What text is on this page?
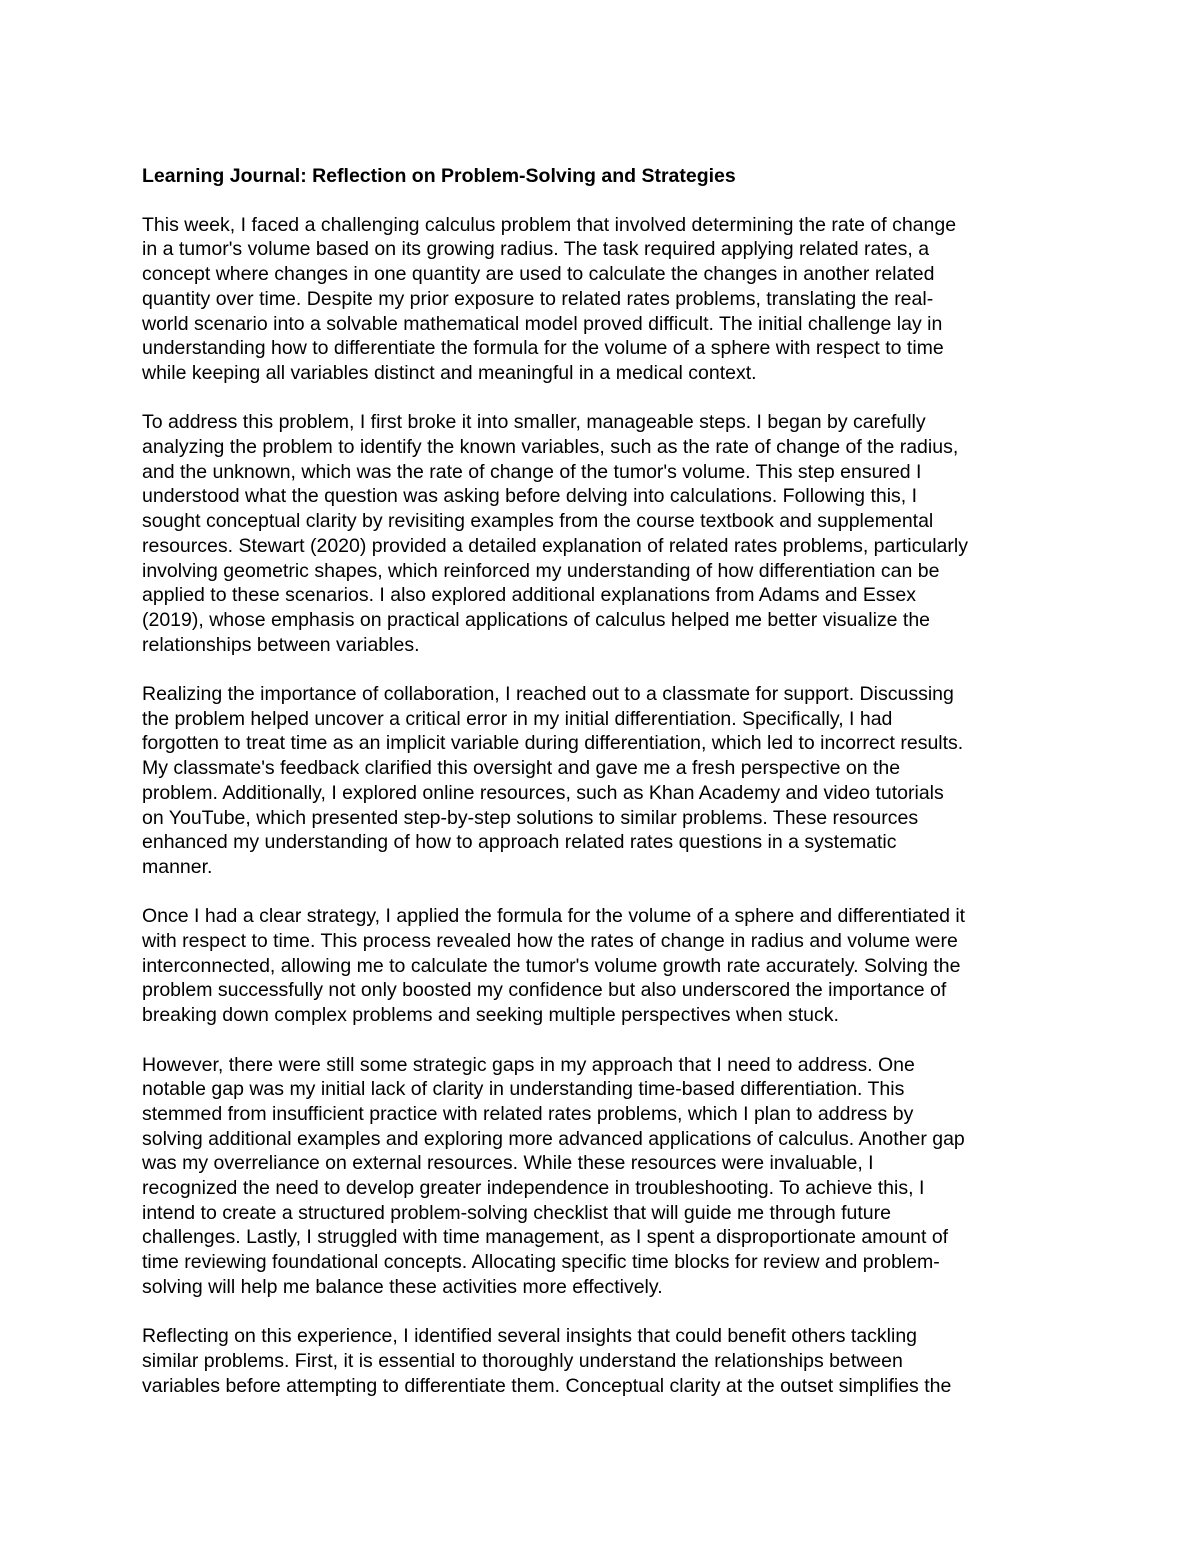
Learning Journal: Reflection on Problem-Solving and Strategies
This week, I faced a challenging calculus problem that involved determining the rate of change
in a tumor's volume based on its growing radius. The task required applying related rates, a
concept where changes in one quantity are used to calculate the changes in another related
quantity over time. Despite my prior exposure to related rates problems, translating the real-
world scenario into a solvable mathematical model proved difficult. The initial challenge lay in
understanding how to differentiate the formula for the volume of a sphere with respect to time
while keeping all variables distinct and meaningful in a medical context.
To address this problem, I first broke it into smaller, manageable steps. I began by carefully
analyzing the problem to identify the known variables, such as the rate of change of the radius,
and the unknown, which was the rate of change of the tumor's volume. This step ensured I
understood what the question was asking before delving into calculations. Following this, I
sought conceptual clarity by revisiting examples from the course textbook and supplemental
resources. Stewart (2020) provided a detailed explanation of related rates problems, particularly
involving geometric shapes, which reinforced my understanding of how differentiation can be
applied to these scenarios. I also explored additional explanations from Adams and Essex
(2019), whose emphasis on practical applications of calculus helped me better visualize the
relationships between variables.
Realizing the importance of collaboration, I reached out to a classmate for support. Discussing
the problem helped uncover a critical error in my initial differentiation. Specifically, I had
forgotten to treat time as an implicit variable during differentiation, which led to incorrect results.
My classmate's feedback clarified this oversight and gave me a fresh perspective on the
problem. Additionally, I explored online resources, such as Khan Academy and video tutorials
on YouTube, which presented step-by-step solutions to similar problems. These resources
enhanced my understanding of how to approach related rates questions in a systematic
manner.
Once I had a clear strategy, I applied the formula for the volume of a sphere and differentiated it
with respect to time. This process revealed how the rates of change in radius and volume were
interconnected, allowing me to calculate the tumor's volume growth rate accurately. Solving the
problem successfully not only boosted my confidence but also underscored the importance of
breaking down complex problems and seeking multiple perspectives when stuck.
However, there were still some strategic gaps in my approach that I need to address. One
notable gap was my initial lack of clarity in understanding time-based differentiation. This
stemmed from insufficient practice with related rates problems, which I plan to address by
solving additional examples and exploring more advanced applications of calculus. Another gap
was my overreliance on external resources. While these resources were invaluable, I
recognized the need to develop greater independence in troubleshooting. To achieve this, I
intend to create a structured problem-solving checklist that will guide me through future
challenges. Lastly, I struggled with time management, as I spent a disproportionate amount of
time reviewing foundational concepts. Allocating specific time blocks for review and problem-
solving will help me balance these activities more effectively.
Reflecting on this experience, I identified several insights that could benefit others tackling
similar problems. First, it is essential to thoroughly understand the relationships between
variables before attempting to differentiate them. Conceptual clarity at the outset simplifies the
